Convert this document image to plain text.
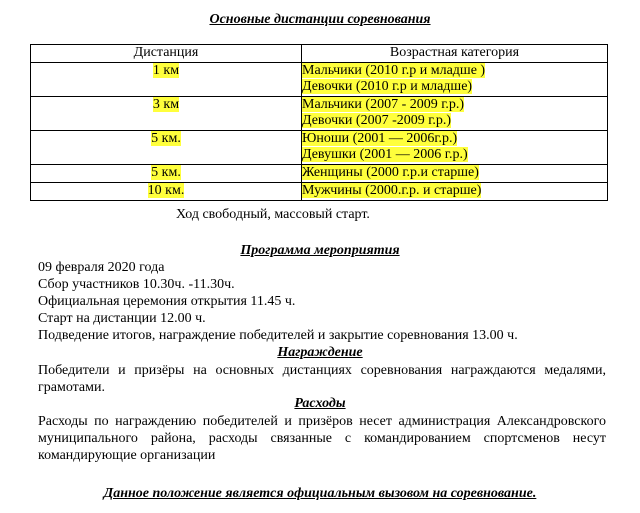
Основные дистанции соревнования
Дистанция	Возрастная категория
1 км	Мальчики (2010 г.р и младше )
Девочки (2010 г.р и младше)
3 км	Мальчики (2007 - 2009 г.р.)
Девочки (2007 -2009 г.р.)
5 км.	Юноши (2001 — 2006г.р.)
Девушки (2001 — 2006 г.р.)
5 км.	Женщины (2000 г.р.и старше)
10 км.	Мужчины (2000.г.р. и старше)
Ход свободный, массовый старт.
Программа мероприятия
09 февраля 2020 года
Сбор участников 10.30ч. -11.30ч.
Официальная церемония открытия 11.45 ч.
Старт на дистанции 12.00 ч.
Подведение итогов, награждение победителей и закрытие соревнования 13.00 ч.
Награждение
Победители и призёры на основных дистанциях соревнования награждаются медалями, грамотами.
Расходы
Расходы по награждению победителей и призёров несет администрация Александровского муниципального района, расходы связанные с командированием спортсменов несут командирующие организации
Данное положение является официальным вызовом на соревнование.
